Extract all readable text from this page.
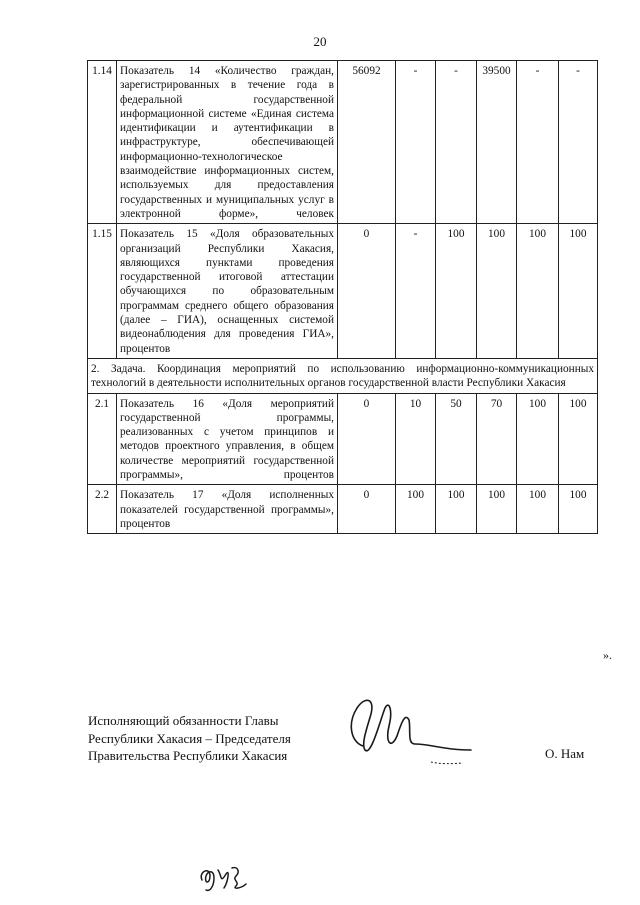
20
1.14	Показатель 14 «Количество граждан, зарегистрированных в течение года в федеральной государственной информационной системе «Единая система идентификации и аутентификации в инфраструктуре, обеспечивающей информационно-технологическое взаимодействие информационных систем, используемых для предоставления государственных и муниципальных услуг в электронной форме», человек	56092	-	-	39500	-	-
1.15	Показатель 15 «Доля образовательных организаций Республики Хакасия, являющихся пунктами проведения государственной итоговой аттестации обучающихся по образовательным программам среднего общего образования (далее – ГИА), оснащенных системой видеонаблюдения для проведения ГИА», процентов	0	-	100	100	100	100
2. Задача. Координация мероприятий по использованию информационно-коммуникационных технологий в деятельности исполнительных органов государственной власти Республики Хакасия							
2.1	Показатель 16 «Доля мероприятий государственной программы, реализованных с учетом принципов и методов проектного управления, в общем количестве мероприятий государственной программы», процентов	0	10	50	70	100	100
2.2	Показатель 17 «Доля исполненных показателей государственной программы», процентов	0	100	100	100	100	100
».
Исполняющий обязанности Главы
Республики Хакасия – Председателя
Правительства Республики Хакасия	О. Нам
